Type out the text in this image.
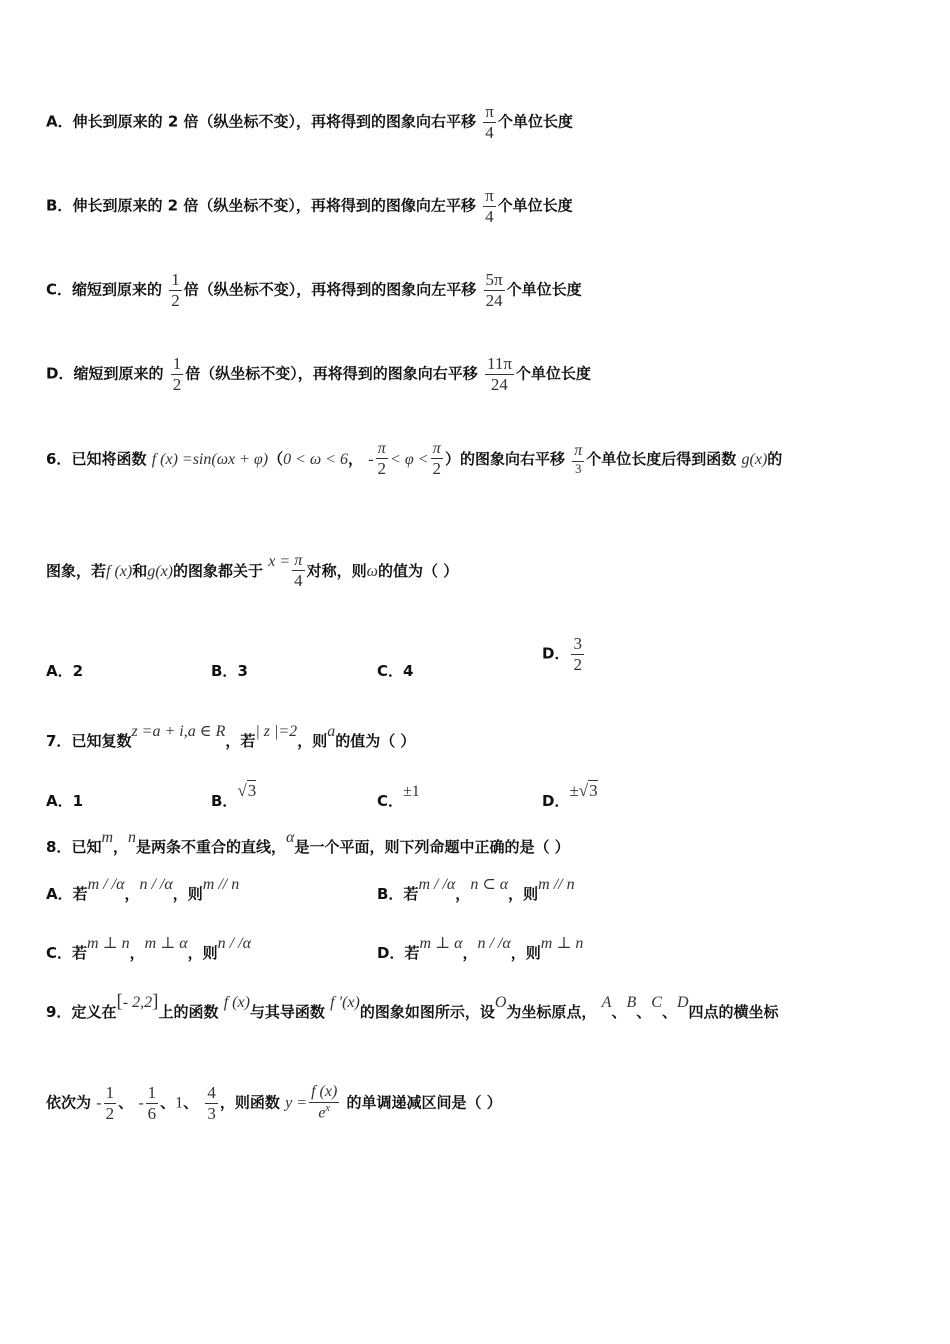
A．伸长到原来的 2 倍（纵坐标不变），再将得到的图象向右平移 $\frac{\pi}{4}$ 个单位长度
B．伸长到原来的 2 倍（纵坐标不变），再将得到的图像向左平移 $\frac{\pi}{4}$ 个单位长度
C．缩短到原来的 $\frac{1}{2}$ 倍（纵坐标不变），再将得到的图象向左平移 $\frac{5\pi}{24}$ 个单位长度
D．缩短到原来的 $\frac{1}{2}$ 倍（纵坐标不变），再将得到的图象向右平移 $\frac{11\pi}{24}$ 个单位长度
6．已知将函数 f (x) =sin(ωx + φ)（0 < ω < 6， - $\frac{\pi}{2} < \varphi < \frac{\pi}{2}$ ）的图象向右平移 $\frac{\pi}{3}$ 个单位长度后得到函数 g(x)的
图象，若f (x)和g(x)的图象都关于 $x = \frac{\pi}{4}$ 对称，则ω的值为（ ）
A．2	B．3	C．4
D． $\frac{3}{2}$
7．已知复数z =a + i,a ∈ R，若| z |=2，则a的值为（ ）
A．1	B．√3
C．±1
D．±√3
8．已知m，n是两条不重合的直线，α是一个平面，则下列命题中正确的是（ ）
A．若m / /α，n / /α，则m // n
B．若m / /α，n ⊂ α，则m // n
C．若m ⊥ n，m ⊥ α，则n / /α
D．若m ⊥ α，n / /α，则m ⊥ n
9．定义在[- 2,2]上的函数 f (x)与其导函数 f ′(x)的图象如图所示，设O为坐标原点， A、B、C、D四点的横坐标
依次为 - $\frac{1}{2}$ 、 - $\frac{1}{6}$ 、1、 $\frac{4}{3}$ ，则函数 $y = \frac{f (x)}{e^x}$ 的单调递减区间是（ ）
